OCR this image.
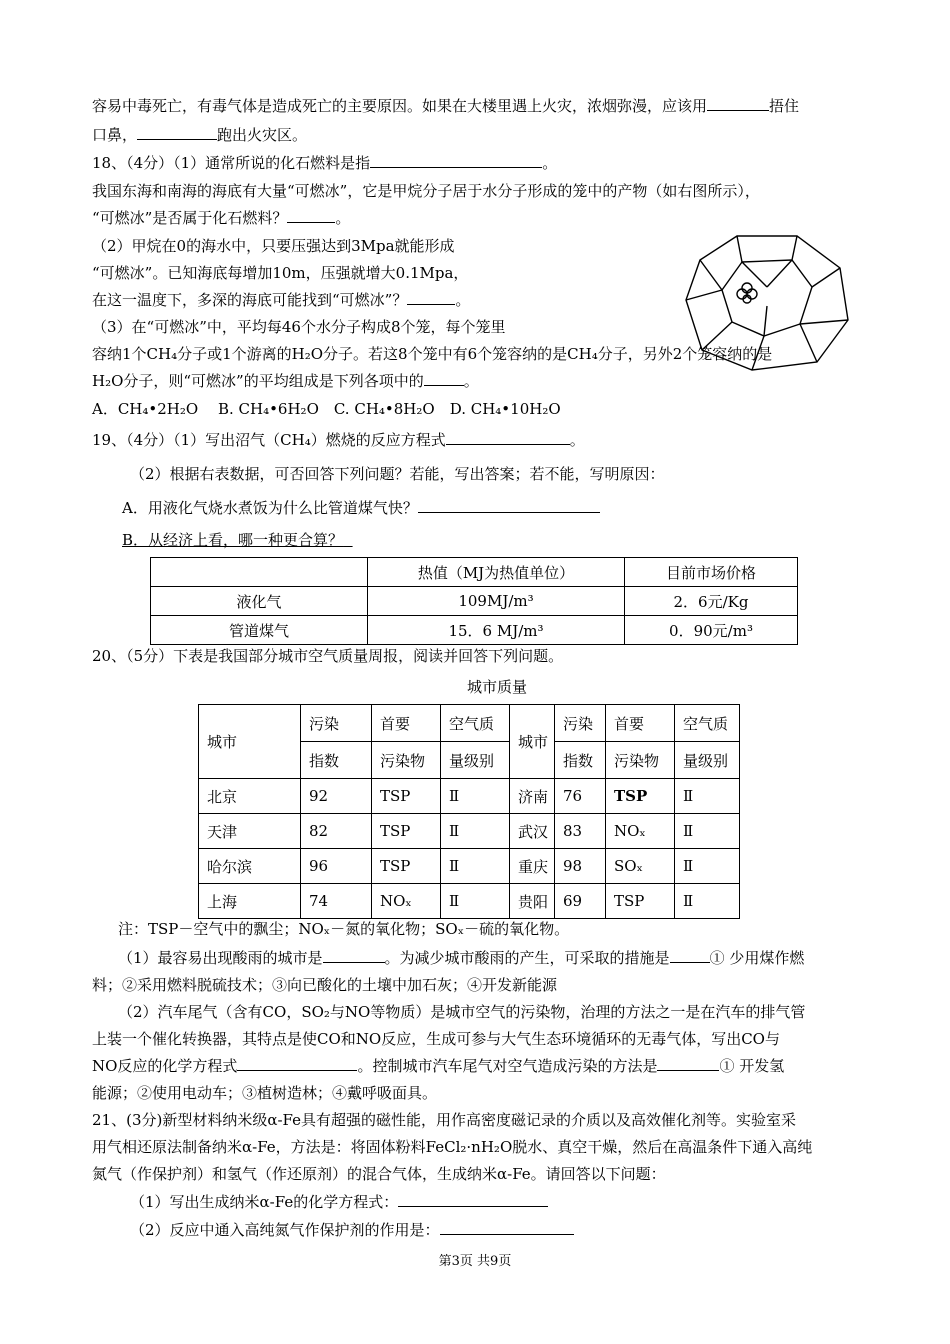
容易中毒死亡，有毒气体是造成死亡的主要原因。如果在大楼里遇上火灾，浓烟弥漫，应该用	捂住
口鼻，	跑出火灾区。
18、（4分）（1）通常所说的化石燃料是指	。
我国东海和南海的海底有大量“可燃冰”，它是甲烷分子居于水分子形成的笼中的产物（如右图所示），
“可燃冰”是否属于化石燃料？	。
（2）甲烷在0的海水中，只要压强达到3Mpa就能形成
“可燃冰”。已知海底每增加10m，压强就增大0.1Mpa，
在这一温度下，多深的海底可能找到“可燃冰”？	。
（3）在“可燃冰”中，平均每46个水分子构成8个笼，每个笼里
容纳1个CH₄分子或1个游离的H₂O分子。若这8个笼中有6个笼容纳的是CH₄分子，另外2个笼容纳的是
H₂O分子，则“可燃冰”的平均组成是下列各项中的	。
A．CH₄•2H₂O　 B. CH₄•6H₂O　C. CH₄•8H₂O　D. CH₄•10H₂O
19、（4分）（1）写出沼气（CH₄）燃烧的反应方程式	。
（2）根据右表数据，可否回答下列问题？若能，写出答案；若不能，写明原因：
A．用液化气烧水煮饭为什么比管道煤气快？
B．从经济上看，哪一种更合算？
	热值（MJ为热值单位）	目前市场价格
液化气	109MJ/m³	2．6元/Kg
管道煤气	15．6 MJ/m³	0．90元/m³
20、（5分）下表是我国部分城市空气质量周报，阅读并回答下列问题。
城市质量
城市	污染	首要	空气质	城市	污染	首要	空气质
	指数	污染物	量级别		指数	污染物	量级别
北京	92	TSP	Ⅱ	济南	76	TSP	Ⅱ
天津	82	TSP	Ⅱ	武汉	83	NOₓ	Ⅱ
哈尔滨	96	TSP	Ⅱ	重庆	98	SOₓ	Ⅱ
上海	74	NOₓ	Ⅱ	贵阳	69	TSP	Ⅱ
注：TSP－空气中的飘尘；NOₓ－氮的氧化物；SOₓ－硫的氧化物。
（1）最容易出现酸雨的城市是	。为减少城市酸雨的产生，可采取的措施是	① 少用煤作燃
料；②采用燃料脱硫技术；③向已酸化的土壤中加石灰；④开发新能源
（2）汽车尾气（含有CO，SO₂与NO等物质）是城市空气的污染物，治理的方法之一是在汽车的排气管
上装一个催化转换器，其特点是使CO和NO反应，生成可参与大气生态环境循环的无毒气体，写出CO与
NO反应的化学方程式	。控制城市汽车尾气对空气造成污染的方法是	① 开发氢
能源；②使用电动车；③植树造林；④戴呼吸面具。
21、(3分)新型材料纳米级α-Fe具有超强的磁性能，用作高密度磁记录的介质以及高效催化剂等。实验室采
用气相还原法制备纳米α-Fe，方法是：将固体粉料FeCl₂·nH₂O脱水、真空干燥，然后在高温条件下通入高纯
氮气（作保护剂）和氢气（作还原剂）的混合气体，生成纳米α-Fe。请回答以下问题：
（1）写出生成纳米α-Fe的化学方程式：
（2）反应中通入高纯氮气作保护剂的作用是：
第3页 共9页
